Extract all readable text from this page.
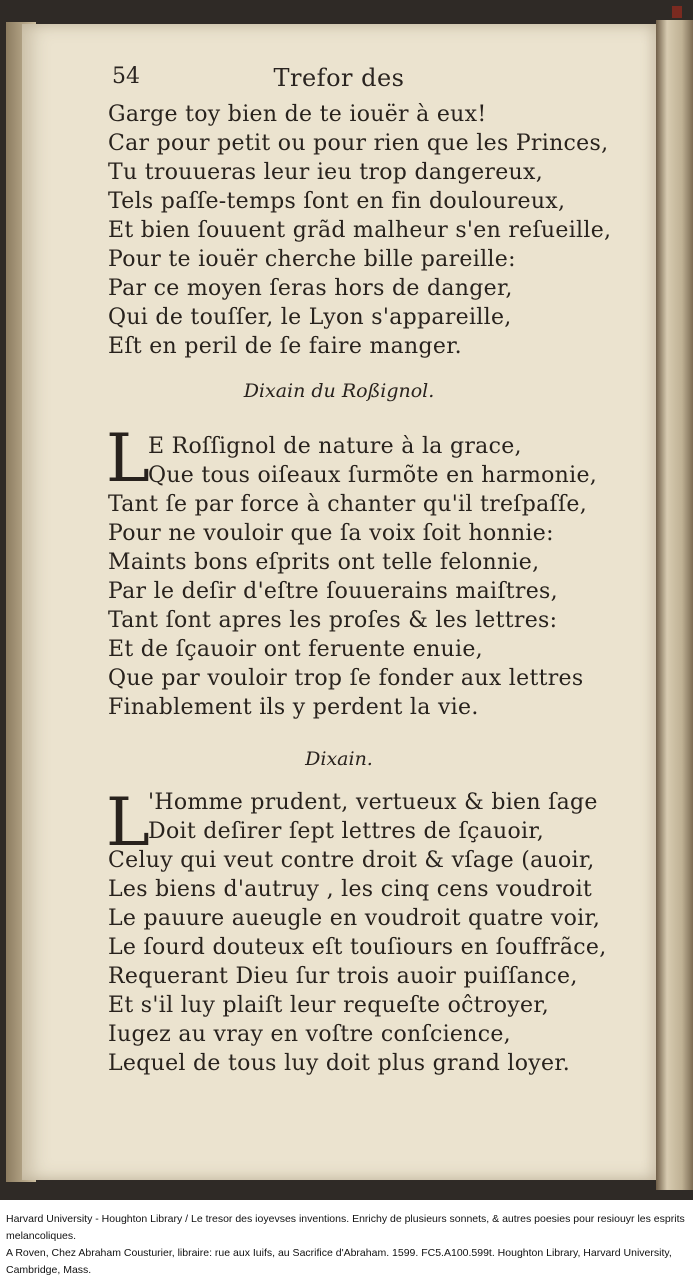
54	Trefor des
Garge toy bien de te iouër à eux!
Car pour petit ou pour rien que les Princes,
Tu trouueras leur ieu trop dangereux,
Tels paſſe-temps ſont en fin douloureux,
Et bien ſouuent grãd malheur s'en reſueille,
Pour te iouër cherche bille pareille:
Par ce moyen ſeras hors de danger,
Qui de touſſer, le Lyon s'appareille,
Eſt en peril de ſe faire manger.
Dixain du Roßignol.
L
E Roſſignol de nature à la grace,
Que tous oiſeaux ſurmõte en harmonie,
Tant ſe par force à chanter qu'il treſpaſſe,
Pour ne vouloir que ſa voix ſoit honnie:
Maints bons eſprits ont telle felonnie,
Par le deſir d'eſtre ſouuerains maiſtres,
Tant ſont apres les proſes & les lettres:
Et de ſçauoir ont feruente enuie,
Que par vouloir trop ſe fonder aux lettres
Finablement ils y perdent la vie.
Dixain.
L
'Homme prudent, vertueux & bien ſage
Doit deſirer ſept lettres de ſçauoir,
Celuy qui veut contre droit & vſage (auoir,
Les biens d'autruy , les cinq cens voudroit
Le pauure aueugle en voudroit quatre voir,
Le ſourd douteux eſt touſiours en ſouffrãce,
Requerant Dieu ſur trois auoir puiſſance,
Et s'il luy plaiſt leur requeſte oĉtroyer,
Iugez au vray en voſtre conſcience,
Lequel de tous luy doit plus grand loyer.
Harvard University - Houghton Library / Le tresor des ioyevses inventions. Enrichy de plusieurs sonnets, & autres poesies pour resiouyr les esprits melancoliques.
A Roven, Chez Abraham Cousturier, libraire: rue aux Iuifs, au Sacrifice d'Abraham. 1599. FC5.A100.599t. Houghton Library, Harvard University, Cambridge, Mass.
